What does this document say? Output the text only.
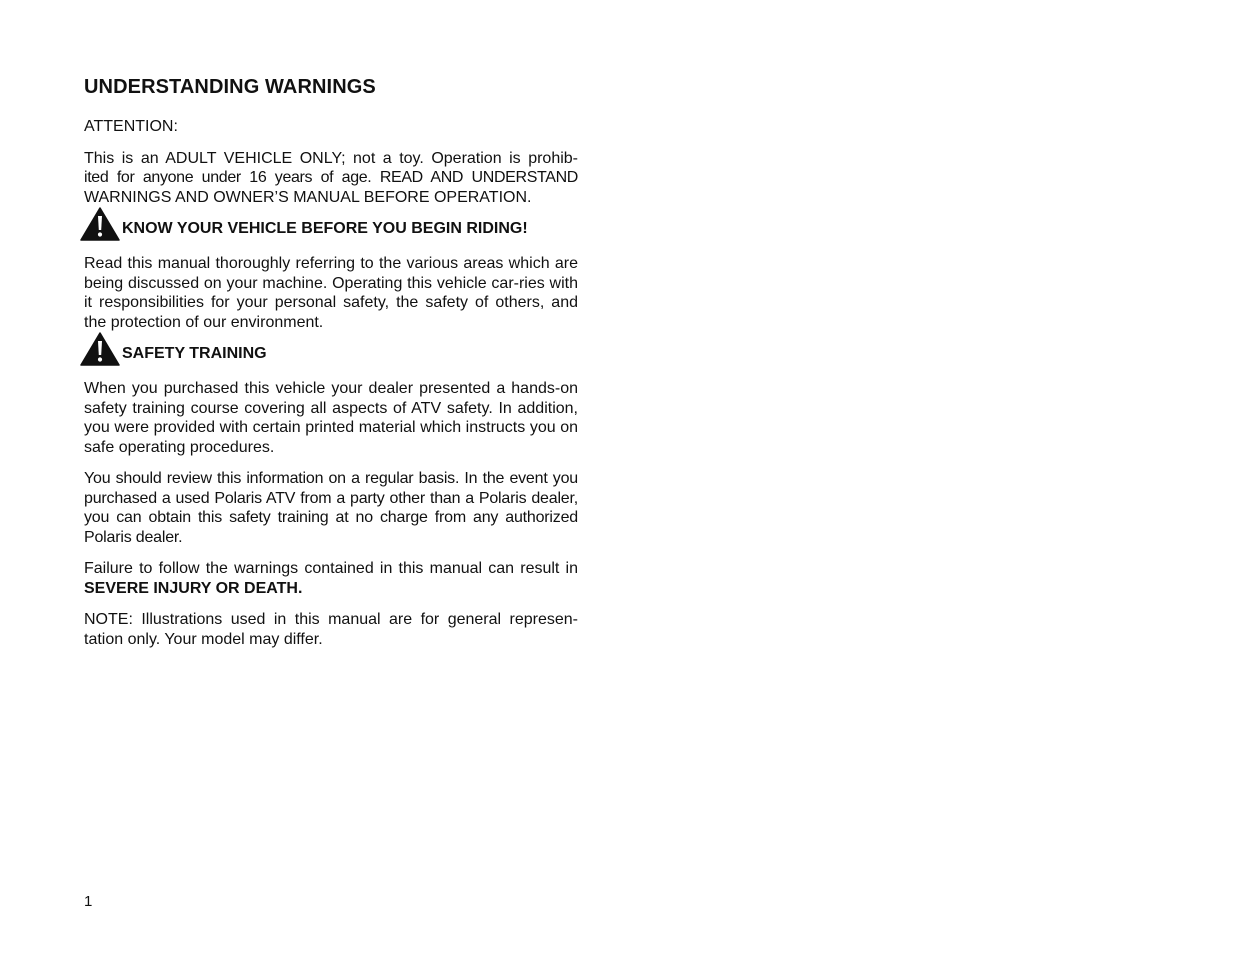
UNDERSTANDING WARNINGS

ATTENTION:

This is an ADULT VEHICLE ONLY; not a toy. Operation is prohib-
ited for anyone under 16 years of age. READ AND UNDERSTAND
WARNINGS AND OWNER’S MANUAL BEFORE OPERATION.

KNOW YOUR VEHICLE BEFORE YOU BEGIN RIDING!

Read this manual thoroughly referring to the various areas which are being discussed on your machine. Operating this vehicle car-ries with it responsibilities for your personal safety, the safety of others, and the protection of our environment.

SAFETY TRAINING

When you purchased this vehicle your dealer presented a hands-on safety training course covering all aspects of ATV safety. In addition, you were provided with certain printed material which instructs you on safe operating procedures.

You should review this information on a regular basis. In the event you purchased a used Polaris ATV from a party other than a Polaris dealer, you can obtain this safety training at no charge from any authorized Polaris dealer.

Failure to follow the warnings contained in this manual can result in SEVERE INJURY OR DEATH.

NOTE: Illustrations used in this manual are for general represen-
tation only. Your model may differ.

1
